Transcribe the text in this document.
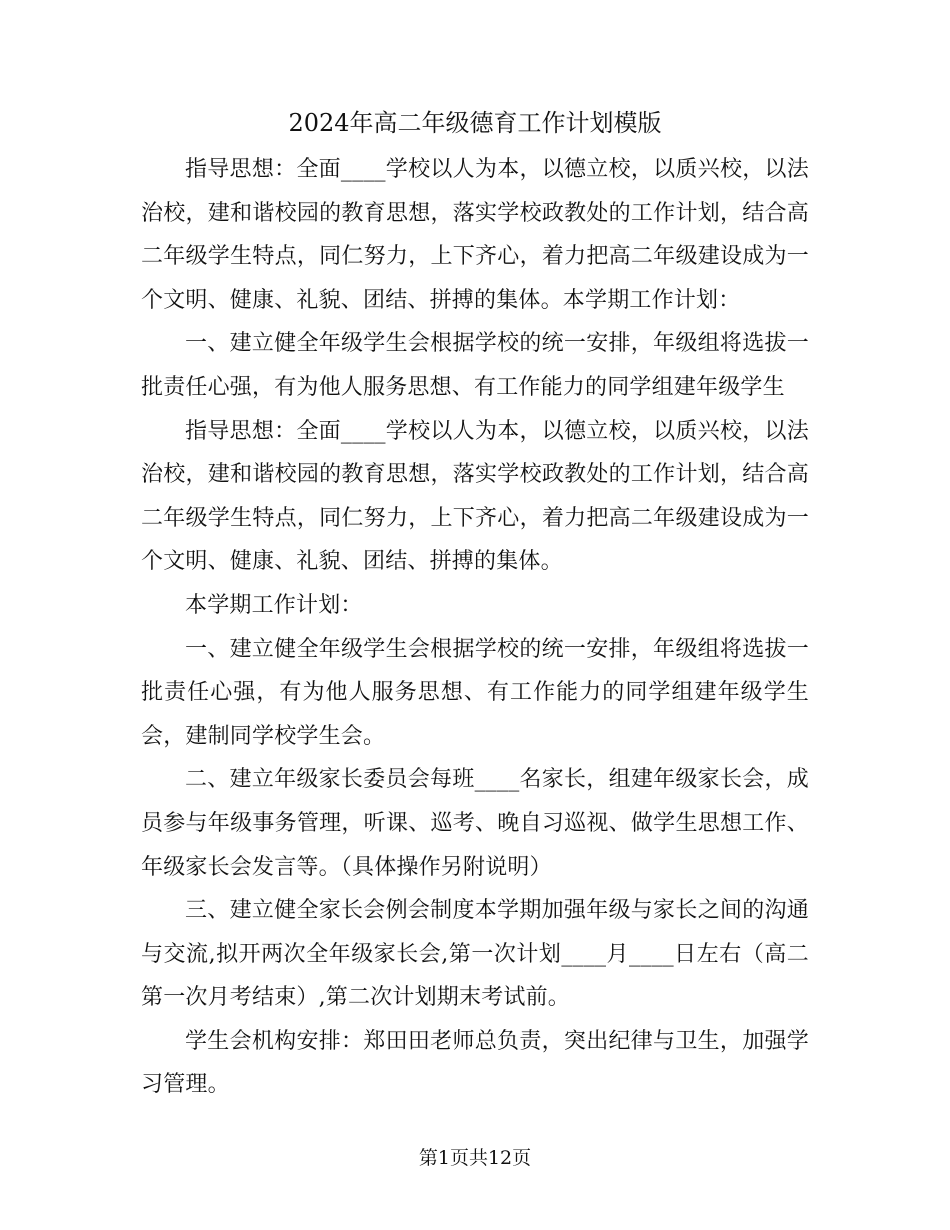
2024年高二年级德育工作计划模版

指导思想：全面____学校以人为本，以德立校，以质兴校，以法治校，建和谐校园的教育思想，落实学校政教处的工作计划，结合高二年级学生特点，同仁努力，上下齐心，着力把高二年级建设成为一个文明、健康、礼貌、团结、拼搏的集体。本学期工作计划：

一、建立健全年级学生会根据学校的统一安排，年级组将选拔一批责任心强，有为他人服务思想、有工作能力的同学组建年级学生

指导思想：全面____学校以人为本，以德立校，以质兴校，以法治校，建和谐校园的教育思想，落实学校政教处的工作计划，结合高二年级学生特点，同仁努力，上下齐心，着力把高二年级建设成为一个文明、健康、礼貌、团结、拼搏的集体。

本学期工作计划：

一、建立健全年级学生会根据学校的统一安排，年级组将选拔一批责任心强，有为他人服务思想、有工作能力的同学组建年级学生会，建制同学校学生会。

二、建立年级家长委员会每班____名家长，组建年级家长会，成员参与年级事务管理，听课、巡考、晚自习巡视、做学生思想工作、年级家长会发言等。（具体操作另附说明）

三、建立健全家长会例会制度本学期加强年级与家长之间的沟通与交流,拟开两次全年级家长会,第一次计划____月____日左右（高二第一次月考结束）,第二次计划期末考试前。

学生会机构安排：郑田田老师总负责，突出纪律与卫生，加强学习管理。

第1页共12页
